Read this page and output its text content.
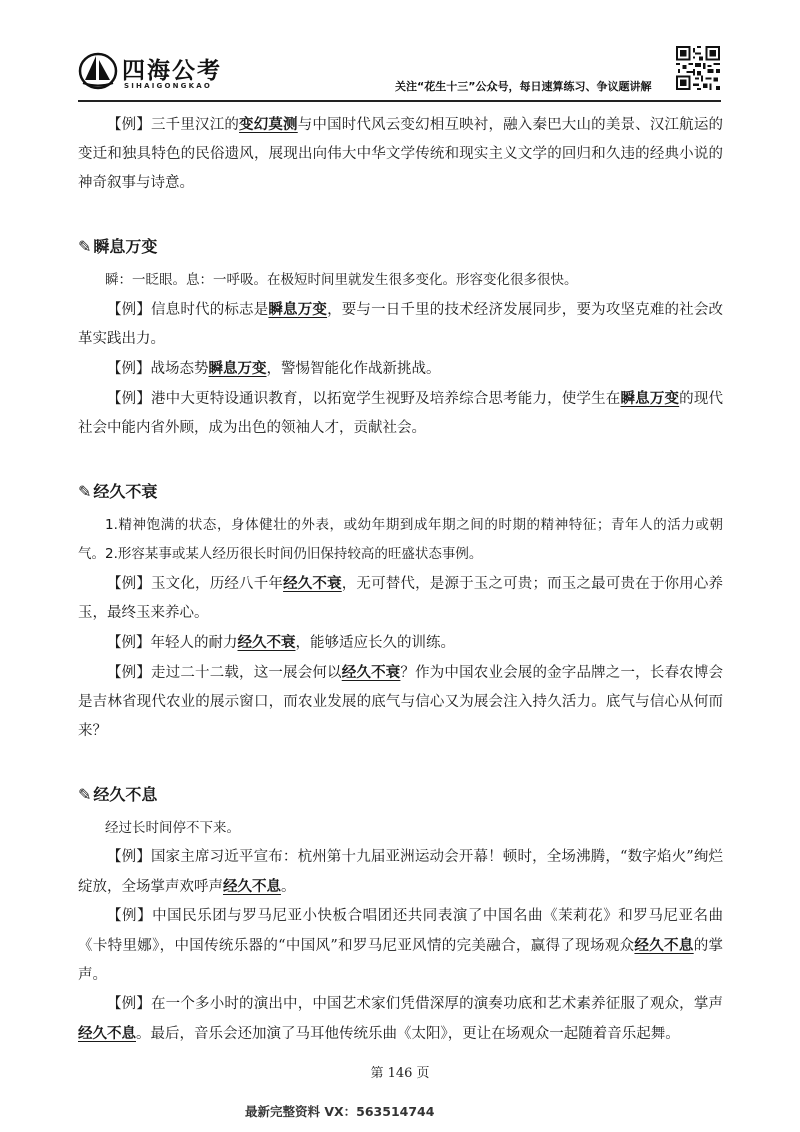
四海公考
SIHAIGONGKAO	关注“花生十三”公众号，每日速算练习、争议题讲解

【例】三千里汉江的变幻莫测与中国时代风云变幻相互映衬，融入秦巴大山的美景、汉江航运的变迁和独具特色的民俗遗风，展现出向伟大中华文学传统和现实主义文学的回归和久违的经典小说的神奇叙事与诗意。

✎ 瞬息万变

瞬：一眨眼。息：一呼吸。在极短时间里就发生很多变化。形容变化很多很快。

【例】信息时代的标志是瞬息万变，要与一日千里的技术经济发展同步，要为攻坚克难的社会改革实践出力。

【例】战场态势瞬息万变，警惕智能化作战新挑战。

【例】港中大更特设通识教育，以拓宽学生视野及培养综合思考能力，使学生在瞬息万变的现代社会中能内省外顾，成为出色的领袖人才，贡献社会。

✎ 经久不衰

1.精神饱满的状态，身体健壮的外表，或幼年期到成年期之间的时期的精神特征；青年人的活力或朝气。2.形容某事或某人经历很长时间仍旧保持较高的旺盛状态事例。

【例】玉文化，历经八千年经久不衰，无可替代，是源于玉之可贵；而玉之最可贵在于你用心养玉，最终玉来养心。

【例】年轻人的耐力经久不衰，能够适应长久的训练。

【例】走过二十二载，这一展会何以经久不衰？作为中国农业会展的金字品牌之一，长春农博会是吉林省现代农业的展示窗口，而农业发展的底气与信心又为展会注入持久活力。底气与信心从何而来？

✎ 经久不息

经过长时间停不下来。

【例】国家主席习近平宣布：杭州第十九届亚洲运动会开幕！顿时，全场沸腾，“数字焰火”绚烂绽放，全场掌声欢呼声经久不息。

【例】中国民乐团与罗马尼亚小快板合唱团还共同表演了中国名曲《茉莉花》和罗马尼亚名曲《卡特里娜》，中国传统乐器的“中国风”和罗马尼亚风情的完美融合，赢得了现场观众经久不息的掌声。

【例】在一个多小时的演出中，中国艺术家们凭借深厚的演奏功底和艺术素养征服了观众，掌声经久不息。最后，音乐会还加演了马耳他传统乐曲《太阳》，更让在场观众一起随着音乐起舞。

第 146 页
最新完整资料 VX：563514744
